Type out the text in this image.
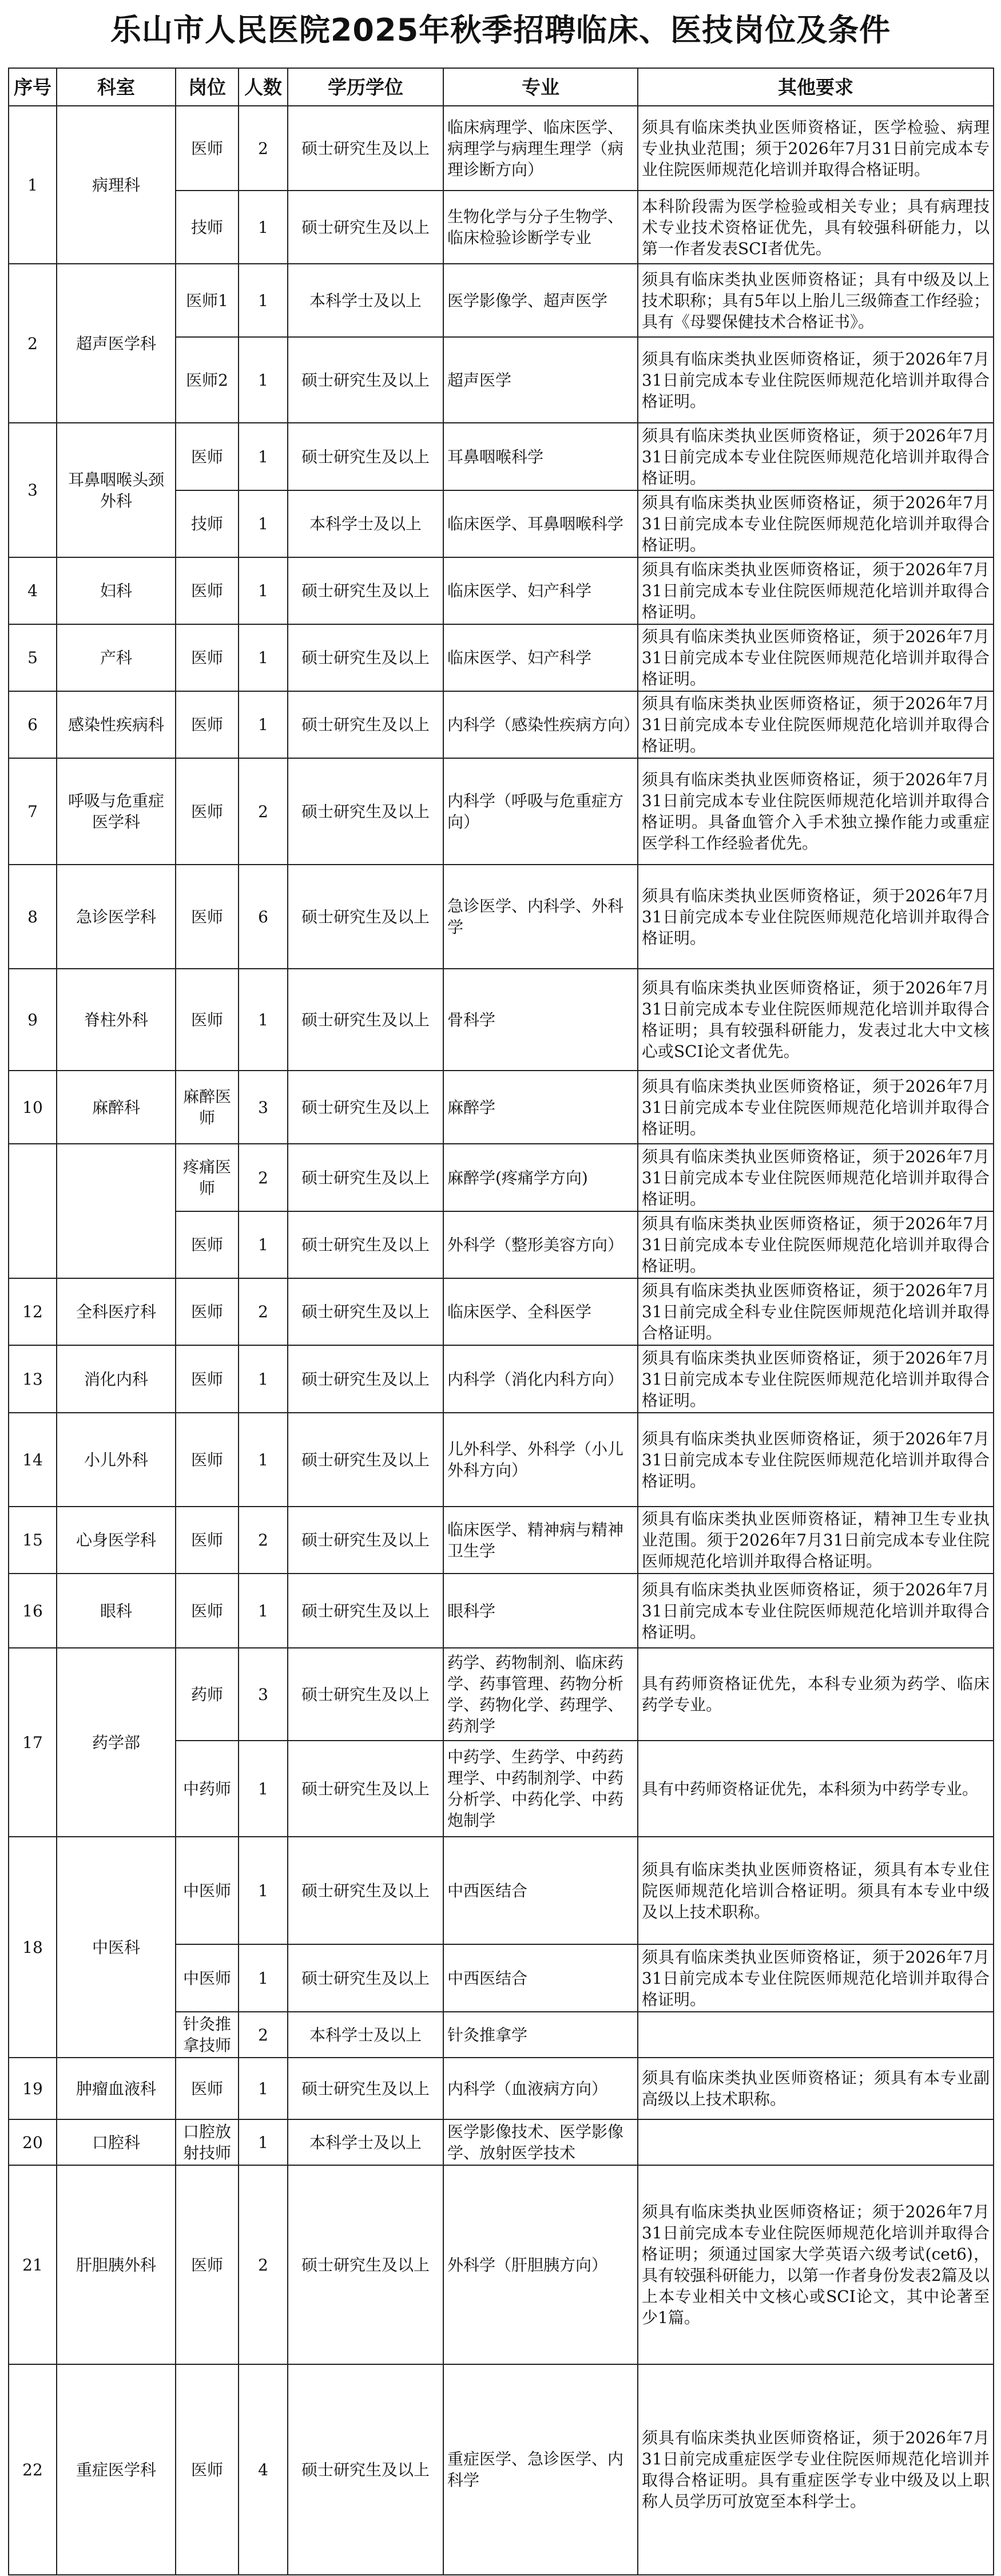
乐山市人民医院2025年秋季招聘临床、医技岗位及条件
序号	科室	岗位	人数	学历学位	专业	其他要求
1	病理科	医师	2	硕士研究生及以上	临床病理学、临床医学、病理学与病理生理学（病理诊断方向）	须具有临床类执业医师资格证，医学检验、病理专业执业范围；须于2026年7月31日前完成本专业住院医师规范化培训并取得合格证明。
		技师	1	硕士研究生及以上	生物化学与分子生物学、临床检验诊断学专业	本科阶段需为医学检验或相关专业；具有病理技术专业技术资格证优先，具有较强科研能力，以第一作者发表SCI者优先。
2	超声医学科	医师1	1	本科学士及以上	医学影像学、超声医学	须具有临床类执业医师资格证；具有中级及以上技术职称；具有5年以上胎儿三级筛查工作经验；具有《母婴保健技术合格证书》。
		医师2	1	硕士研究生及以上	超声医学	须具有临床类执业医师资格证，须于2026年7月31日前完成本专业住院医师规范化培训并取得合格证明。
3	耳鼻咽喉头颈外科	医师	1	硕士研究生及以上	耳鼻咽喉科学	须具有临床类执业医师资格证，须于2026年7月31日前完成本专业住院医师规范化培训并取得合格证明。
		技师	1	本科学士及以上	临床医学、耳鼻咽喉科学	须具有临床类执业医师资格证，须于2026年7月31日前完成本专业住院医师规范化培训并取得合格证明。
4	妇科	医师	1	硕士研究生及以上	临床医学、妇产科学	须具有临床类执业医师资格证，须于2026年7月31日前完成本专业住院医师规范化培训并取得合格证明。
5	产科	医师	1	硕士研究生及以上	临床医学、妇产科学	须具有临床类执业医师资格证，须于2026年7月31日前完成本专业住院医师规范化培训并取得合格证明。
6	感染性疾病科	医师	1	硕士研究生及以上	内科学（感染性疾病方向）	须具有临床类执业医师资格证，须于2026年7月31日前完成本专业住院医师规范化培训并取得合格证明。
7	呼吸与危重症医学科	医师	2	硕士研究生及以上	内科学（呼吸与危重症方向）	须具有临床类执业医师资格证，须于2026年7月31日前完成本专业住院医师规范化培训并取得合格证明。具备血管介入手术独立操作能力或重症医学科工作经验者优先。
8	急诊医学科	医师	6	硕士研究生及以上	急诊医学、内科学、外科学	须具有临床类执业医师资格证，须于2026年7月31日前完成本专业住院医师规范化培训并取得合格证明。
9	脊柱外科	医师	1	硕士研究生及以上	骨科学	须具有临床类执业医师资格证，须于2026年7月31日前完成本专业住院医师规范化培训并取得合格证明；具有较强科研能力，发表过北大中文核心或SCI论文者优先。
10	麻醉科	麻醉医师	3	硕士研究生及以上	麻醉学	须具有临床类执业医师资格证，须于2026年7月31日前完成本专业住院医师规范化培训并取得合格证明。
		疼痛医师	2	硕士研究生及以上	麻醉学(疼痛学方向)	须具有临床类执业医师资格证，须于2026年7月31日前完成本专业住院医师规范化培训并取得合格证明。
		医师	1	硕士研究生及以上	外科学（整形美容方向）	须具有临床类执业医师资格证，须于2026年7月31日前完成本专业住院医师规范化培训并取得合格证明。
12	全科医疗科	医师	2	硕士研究生及以上	临床医学、全科医学	须具有临床类执业医师资格证，须于2026年7月31日前完成全科专业住院医师规范化培训并取得合格证明。
13	消化内科	医师	1	硕士研究生及以上	内科学（消化内科方向）	须具有临床类执业医师资格证，须于2026年7月31日前完成本专业住院医师规范化培训并取得合格证明。
14	小儿外科	医师	1	硕士研究生及以上	儿外科学、外科学（小儿外科方向）	须具有临床类执业医师资格证，须于2026年7月31日前完成本专业住院医师规范化培训并取得合格证明。
15	心身医学科	医师	2	硕士研究生及以上	临床医学、精神病与精神卫生学	须具有临床类执业医师资格证，精神卫生专业执业范围。须于2026年7月31日前完成本专业住院医师规范化培训并取得合格证明。
16	眼科	医师	1	硕士研究生及以上	眼科学	须具有临床类执业医师资格证，须于2026年7月31日前完成本专业住院医师规范化培训并取得合格证明。
17	药学部	药师	3	硕士研究生及以上	药学、药物制剂、临床药学、药事管理、药物分析学、药物化学、药理学、药剂学	具有药师资格证优先，本科专业须为药学、临床药学专业。
		中药师	1	硕士研究生及以上	中药学、生药学、中药药理学、中药制剂学、中药分析学、中药化学、中药炮制学	具有中药师资格证优先，本科须为中药学专业。
18	中医科	中医师	1	硕士研究生及以上	中西医结合	须具有临床类执业医师资格证，须具有本专业住院医师规范化培训合格证明。须具有本专业中级及以上技术职称。
		中医师	1	硕士研究生及以上	中西医结合	须具有临床类执业医师资格证，须于2026年7月31日前完成本专业住院医师规范化培训并取得合格证明。
		针灸推拿技师	2	本科学士及以上	针灸推拿学	
19	肿瘤血液科	医师	1	硕士研究生及以上	内科学（血液病方向）	须具有临床类执业医师资格证；须具有本专业副高级以上技术职称。
20	口腔科	口腔放射技师	1	本科学士及以上	医学影像技术、医学影像学、放射医学技术	
21	肝胆胰外科	医师	2	硕士研究生及以上	外科学（肝胆胰方向）	须具有临床类执业医师资格证；须于2026年7月31日前完成本专业住院医师规范化培训并取得合格证明；须通过国家大学英语六级考试(cet6)，具有较强科研能力，以第一作者身份发表2篇及以上本专业相关中文核心或SCI论文，其中论著至少1篇。
22	重症医学科	医师	4	硕士研究生及以上	重症医学、急诊医学、内科学	须具有临床类执业医师资格证，须于2026年7月31日前完成重症医学专业住院医师规范化培训并取得合格证明。具有重症医学专业中级及以上职称人员学历可放宽至本科学士。
